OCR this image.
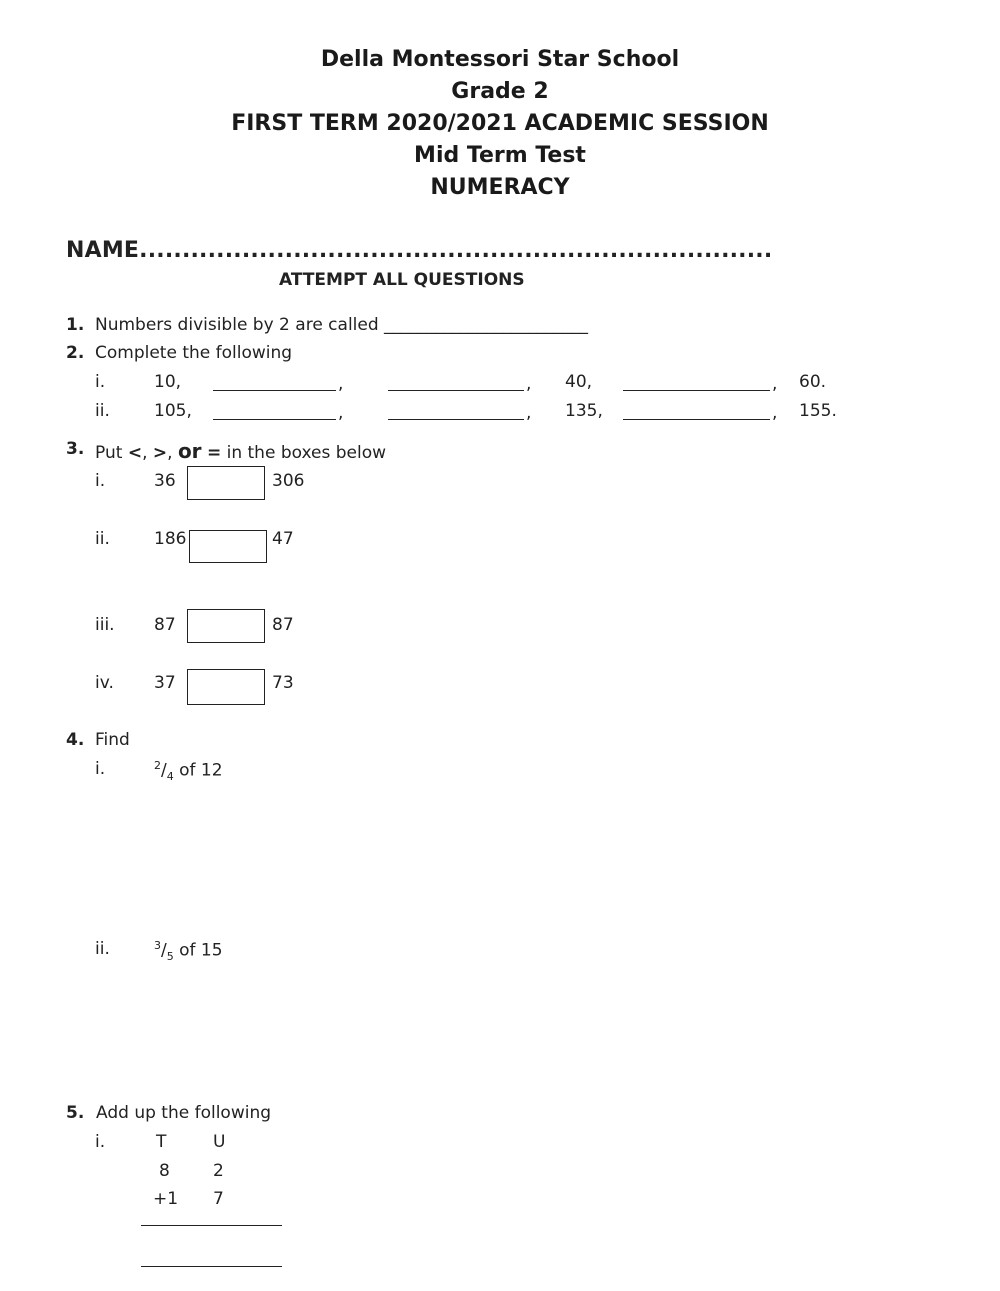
Della Montessori Star School
Grade 2
FIRST TERM 2020/2021 ACADEMIC SESSION
Mid Term Test
NUMERACY
NAME..........................................................................
ATTEMPT ALL QUESTIONS
1. Numbers divisible by 2 are called ________________________
2. Complete the following
i.	10,	,	, 40,	, 60.
ii.	105,	,	, 135,	, 155.
3. Put <, >, or = in the boxes below
i.	36	306
ii.	186	47
iii. 87	87
iv. 37	73
4. Find
i.	$^2/_4$ of 12
ii.	$^3/_5$ of 15
5. Add up the following
i.	T	U
8	2
+1 7
